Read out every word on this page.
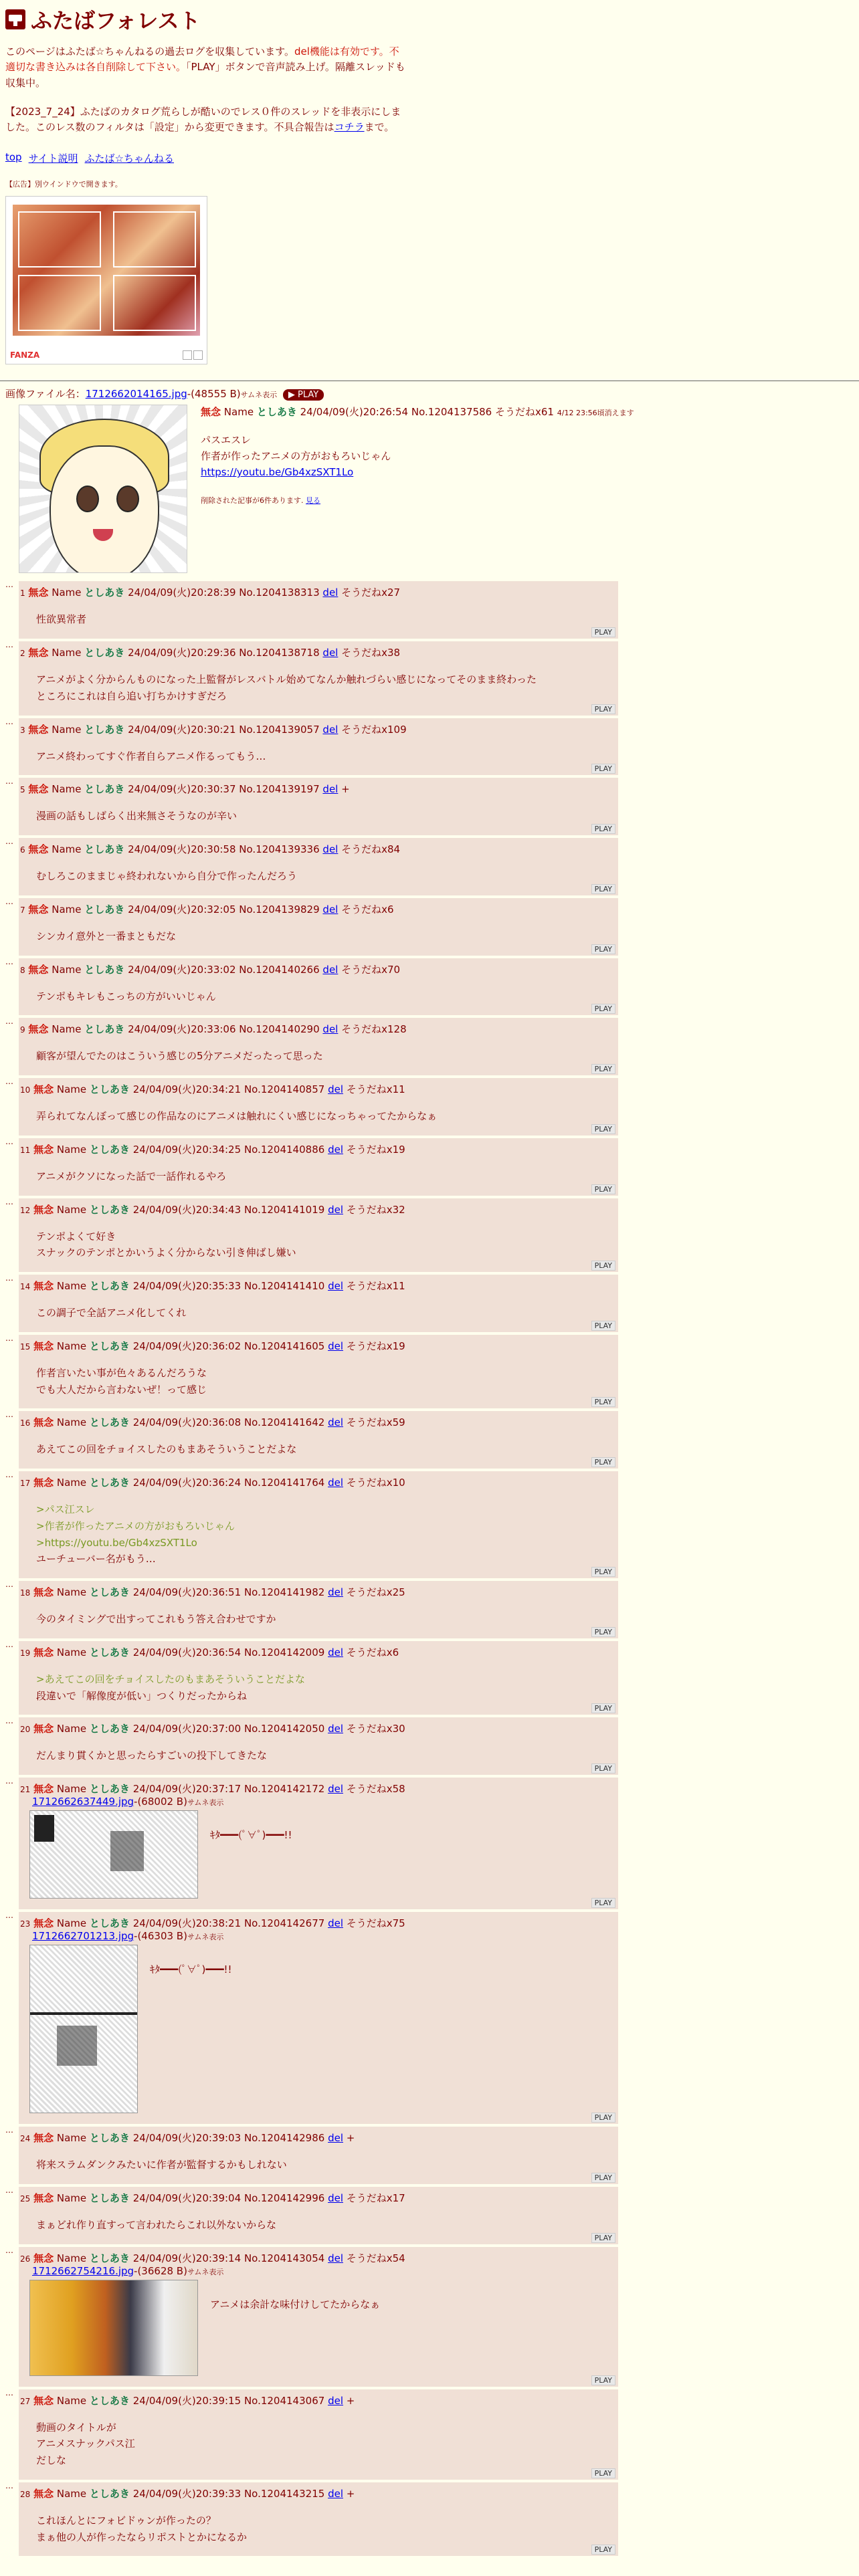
ふたばフォレスト
このページはふたば☆ちゃんねるの過去ログを収集しています。del機能は有効です。不適切な書き込みは各自削除して下さい。「PLAY」ボタンで音声読み上げ。隔離スレッドも収集中。
【2023_7_24】ふたばのカタログ荒らしが酷いのでレス０件のスレッドを非表示にしました。このレス数のフィルタは「設定」から変更できます。不具合報告はコチラまで。
top サイト説明 ふたば☆ちゃんねる
【広告】別ウインドウで開きます。
FANZA
画像ファイル名：1712662014165.jpg-(48555 B)サムネ表示 ▶ PLAY
無念 Name としあき 24/04/09(火)20:26:54 No.1204137586 そうだねx61 4/12 23:56頃消えます
パスエスレ
作者が作ったアニメの方がおもろいじゃん
https://youtu.be/Gb4xzSXT1Lo
削除された記事が6件あります. 見る
…
1 無念 Name としあき 24/04/09(火)20:28:39 No.1204138313 del そうだねx27
性欲異常者
PLAY
…
2 無念 Name としあき 24/04/09(火)20:29:36 No.1204138718 del そうだねx38
アニメがよく分からんものになった上監督がレスバトル始めてなんか触れづらい感じになってそのまま終わった
ところにこれは自ら追い打ちかけすぎだろ
PLAY
…
3 無念 Name としあき 24/04/09(火)20:30:21 No.1204139057 del そうだねx109
アニメ終わってすぐ作者自らアニメ作るってもう…
PLAY
…
5 無念 Name としあき 24/04/09(火)20:30:37 No.1204139197 del +
漫画の話もしばらく出来無さそうなのが辛い
PLAY
…
6 無念 Name としあき 24/04/09(火)20:30:58 No.1204139336 del そうだねx84
むしろこのままじゃ終われないから自分で作ったんだろう
PLAY
…
7 無念 Name としあき 24/04/09(火)20:32:05 No.1204139829 del そうだねx6
シンカイ意外と一番まともだな
PLAY
…
8 無念 Name としあき 24/04/09(火)20:33:02 No.1204140266 del そうだねx70
テンポもキレもこっちの方がいいじゃん
PLAY
…
9 無念 Name としあき 24/04/09(火)20:33:06 No.1204140290 del そうだねx128
顧客が望んでたのはこういう感じの5分アニメだったって思った
PLAY
…
10 無念 Name としあき 24/04/09(火)20:34:21 No.1204140857 del そうだねx11
弄られてなんぼって感じの作品なのにアニメは触れにくい感じになっちゃってたからなぁ
PLAY
…
11 無念 Name としあき 24/04/09(火)20:34:25 No.1204140886 del そうだねx19
アニメがクソになった話で一話作れるやろ
PLAY
…
12 無念 Name としあき 24/04/09(火)20:34:43 No.1204141019 del そうだねx32
テンポよくて好き
スナックのテンポとかいうよく分からない引き伸ばし嫌い
PLAY
…
14 無念 Name としあき 24/04/09(火)20:35:33 No.1204141410 del そうだねx11
この調子で全話アニメ化してくれ
PLAY
…
15 無念 Name としあき 24/04/09(火)20:36:02 No.1204141605 del そうだねx19
作者言いたい事が色々あるんだろうな
でも大人だから言わないぜ！って感じ
PLAY
…
16 無念 Name としあき 24/04/09(火)20:36:08 No.1204141642 del そうだねx59
あえてこの回をチョイスしたのもまあそういうことだよな
PLAY
…
17 無念 Name としあき 24/04/09(火)20:36:24 No.1204141764 del そうだねx10
>パス江スレ
>作者が作ったアニメの方がおもろいじゃん
>https://youtu.be/Gb4xzSXT1Lo
ユーチューバー名がもう…
PLAY
…
18 無念 Name としあき 24/04/09(火)20:36:51 No.1204141982 del そうだねx25
今のタイミングで出すってこれもう答え合わせですか
PLAY
…
19 無念 Name としあき 24/04/09(火)20:36:54 No.1204142009 del そうだねx6
>あえてこの回をチョイスしたのもまあそういうことだよな
段違いで「解像度が低い」つくりだったからね
PLAY
…
20 無念 Name としあき 24/04/09(火)20:37:00 No.1204142050 del そうだねx30
だんまり貫くかと思ったらすごいの投下してきたな
PLAY
…
21 無念 Name としあき 24/04/09(火)20:37:17 No.1204142172 del そうだねx58
1712662637449.jpg-(68002 B)サムネ表示
ｷﾀ━━━(ﾟ∀ﾟ)━━━!!
PLAY
…
23 無念 Name としあき 24/04/09(火)20:38:21 No.1204142677 del そうだねx75
1712662701213.jpg-(46303 B)サムネ表示
ｷﾀ━━━(ﾟ∀ﾟ)━━━!!
PLAY
…
24 無念 Name としあき 24/04/09(火)20:39:03 No.1204142986 del +
将来スラムダンクみたいに作者が監督するかもしれない
PLAY
…
25 無念 Name としあき 24/04/09(火)20:39:04 No.1204142996 del そうだねx17
まぁどれ作り直すって言われたらこれ以外ないからな
PLAY
…
26 無念 Name としあき 24/04/09(火)20:39:14 No.1204143054 del そうだねx54
1712662754216.jpg-(36628 B)サムネ表示
アニメは余計な味付けしてたからなぁ
PLAY
…
27 無念 Name としあき 24/04/09(火)20:39:15 No.1204143067 del +
動画のタイトルが
アニメスナックパス江
だしな
PLAY
…
28 無念 Name としあき 24/04/09(火)20:39:33 No.1204143215 del +
これほんとにフォビドゥンが作ったの？
まぁ他の人が作ったならリポストとかになるか
PLAY
